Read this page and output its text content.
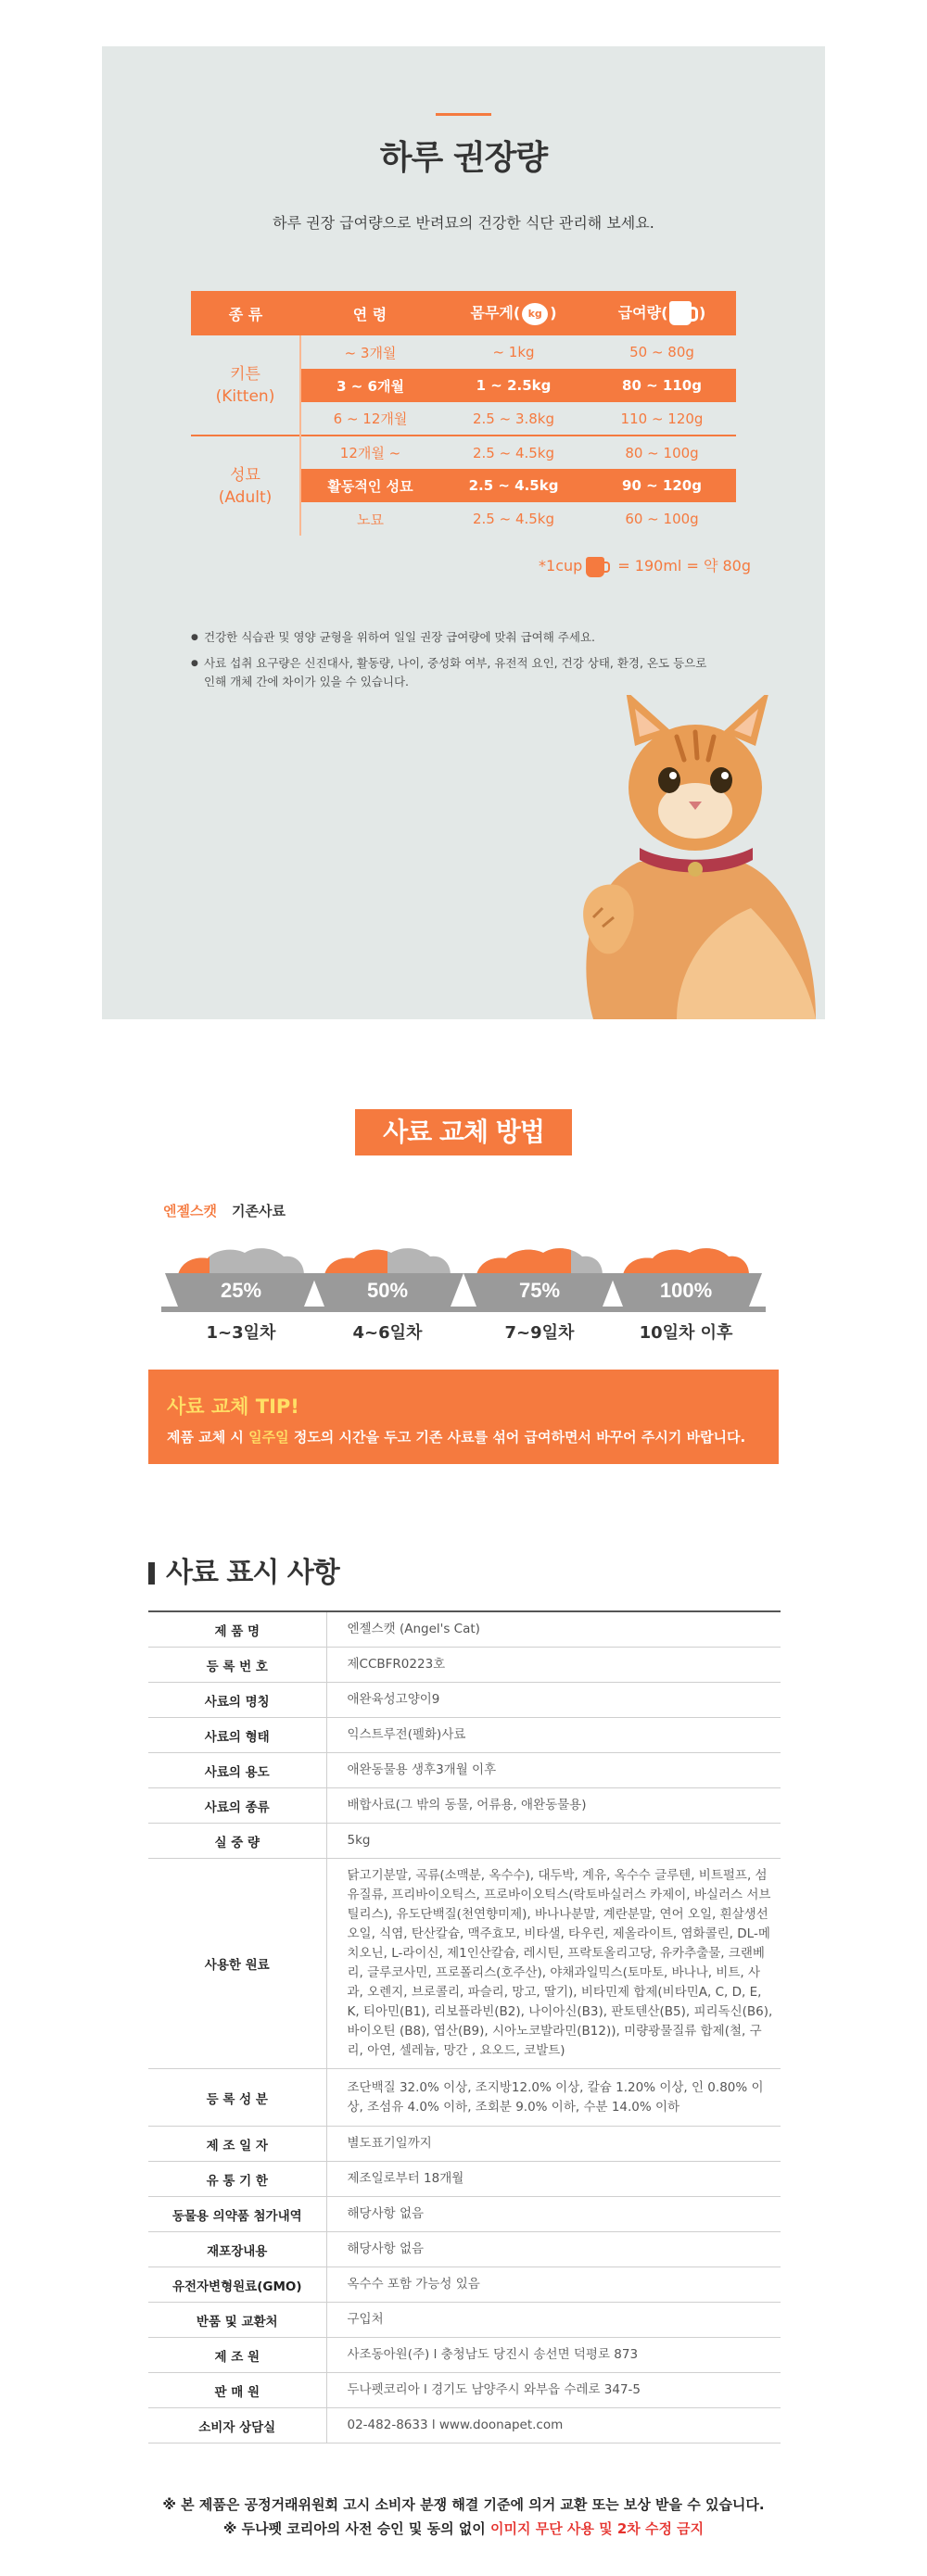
하루 권장량
하루 권장 급여량으로 반려묘의 건강한 식단 관리해 보세요.
종 류	연 령	몸무게( kg )	급여량( )

키튼
(Kitten)	~ 3개월	~ 1kg	50 ~ 80g
	3 ~ 6개월	1 ~ 2.5kg	80 ~ 110g
	6 ~ 12개월	2.5 ~ 3.8kg	110 ~ 120g

성묘
(Adult)	12개월 ~	2.5 ~ 4.5kg	80 ~ 100g
	활동적인 성묘	2.5 ~ 4.5kg	90 ~ 120g
	노묘	2.5 ~ 4.5kg	60 ~ 100g
*1cup = 190ml = 약 80g
● 건강한 식습관 및 영양 균형을 위하여 일일 권장 급여량에 맞춰 급여해 주세요.
● 사료 섭취 요구량은 신진대사, 활동량, 나이, 중성화 여부, 유전적 요인, 건강 상태, 환경, 온도 등으로 인해 개체 간에 차이가 있을 수 있습니다.
사료 교체 방법
엔젤스캣 기존사료
25%	50%	75%	100%
1~3일차	4~6일차	7~9일차	10일차 이후
사료 교체 TIP!
제품 교체 시 일주일 정도의 시간을 두고 기존 사료를 섞어 급여하면서 바꾸어 주시기 바랍니다.
사료 표시 사항
제 품 명	엔젤스캣 (Angel's Cat)
등 록 번 호	제CCBFR0223호
사료의 명칭	애완육성고양이9
사료의 형태	익스트루전(펠화)사료
사료의 용도	애완동물용 생후3개월 이후
사료의 종류	배합사료(그 밖의 동물, 어류용, 애완동물용)
실 중 량	5kg
사용한 원료	닭고기분말, 곡류(소맥분, 옥수수), 대두박, 계유, 옥수수 글루텐, 비트펄프, 섬유질류, 프리바이오틱스, 프로바이오틱스(락토바실러스 카제이, 바실러스 서브틸리스), 유도단백질(천연향미제), 바나나분말, 계란분말, 연어 오일, 흰살생선 오일, 식염, 탄산칼슘, 맥주효모, 비타샐, 타우린, 제올라이트, 염화콜린, DL-메치오닌, L-라이신, 제1인산칼슘, 레시틴, 프락토올리고당, 유카추출물, 크랜베리, 글루코사민, 프로폴리스(호주산), 야채과일믹스(토마토, 바나나, 비트, 사과, 오렌지, 브로콜리, 파슬리, 망고, 딸기), 비타민제 합제(비타민A, C, D, E, K, 티아민(B1), 리보플라빈(B2), 나이아신(B3), 판토텐산(B5), 피리독신(B6), 바이오틴 (B8), 엽산(B9), 시아노코발라민(B12)), 미량광물질류 합제(철, 구리, 아연, 셀레늄, 망간 , 요오드, 코발트)
등 록 성 분	조단백질 32.0% 이상, 조지방12.0% 이상, 칼슘 1.20% 이상, 인 0.80% 이상, 조섬유 4.0% 이하, 조회분 9.0% 이하, 수분 14.0% 이하
제 조 일 자	별도표기일까지
유 통 기 한	제조일로부터 18개월
동물용 의약품 첨가내역	해당사항 없음
재포장내용	해당사항 없음
유전자변형원료(GMO)	옥수수 포함 가능성 있음
반품 및 교환처	구입처
제 조 원	사조동아원(주) l 충청남도 당진시 송선면 덕평로 873
판 매 원	두나펫코리아 l 경기도 남양주시 와부읍 수레로 347-5
소비자 상담실	02-482-8633 l www.doonapet.com
※ 본 제품은 공정거래위원회 고시 소비자 분쟁 해결 기준에 의거 교환 또는 보상 받을 수 있습니다.
※ 두나펫 코리아의 사전 승인 및 동의 없이 이미지 무단 사용 및 2차 수정 금지
